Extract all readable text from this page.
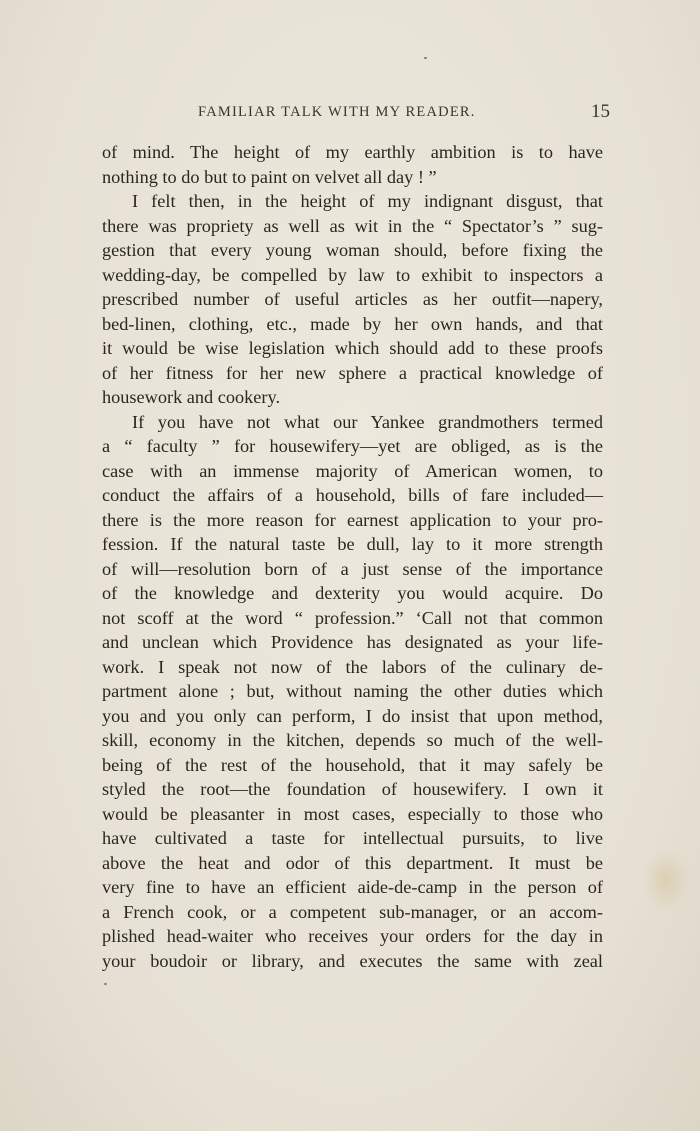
FAMILIAR TALK WITH MY READER.	15
of mind. The height of my earthly ambition is to have
nothing to do but to paint on velvet all day ! ”
I felt then, in the height of my indignant disgust, that
there was propriety as well as wit in the “ Spectator’s ” sug-
gestion that every young woman should, before fixing the
wedding-day, be compelled by law to exhibit to inspectors a
prescribed number of useful articles as her outfit—napery,
bed-linen, clothing, etc., made by her own hands, and that
it would be wise legislation which should add to these proofs
of her fitness for her new sphere a practical knowledge of
housework and cookery.
If you have not what our Yankee grandmothers termed
a “ faculty ” for housewifery—yet are obliged, as is the
case with an immense majority of American women, to
conduct the affairs of a household, bills of fare included—
there is the more reason for earnest application to your pro-
fession. If the natural taste be dull, lay to it more strength
of will—resolution born of a just sense of the importance
of the knowledge and dexterity you would acquire. Do
not scoff at the word “ profession.” ‘Call not that common
and unclean which Providence has designated as your life-
work. I speak not now of the labors of the culinary de-
partment alone ; but, without naming the other duties which
you and you only can perform, I do insist that upon method,
skill, economy in the kitchen, depends so much of the well-
being of the rest of the household, that it may safely be
styled the root—the foundation of housewifery. I own it
would be pleasanter in most cases, especially to those who
have cultivated a taste for intellectual pursuits, to live
above the heat and odor of this department. It must be
very fine to have an efficient aide-de-camp in the person of
a French cook, or a competent sub-manager, or an accom-
plished head-waiter who receives your orders for the day in
your boudoir or library, and executes the same with zeal
